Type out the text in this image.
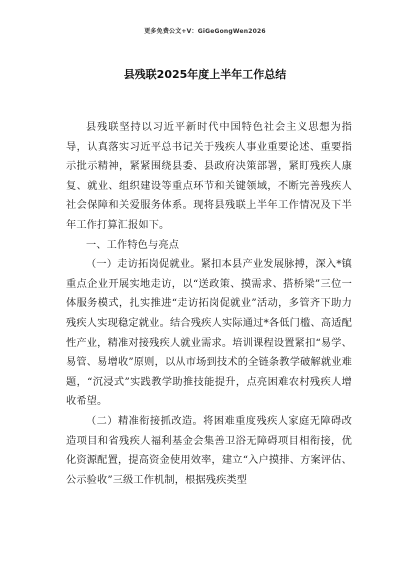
更多免费公文+V：GiGeGongWen2026
县残联2025年度上半年工作总结

县残联坚持以习近平新时代中国特色社会主义思想为指导，认真落实习近平总书记关于残疾人事业重要论述、重要指示批示精神，紧紧围绕县委、县政府决策部署，紧盯残疾人康复、就业、组织建设等重点环节和关键领域，不断完善残疾人社会保障和关爱服务体系。现将县残联上半年工作情况及下半年工作打算汇报如下。

一、工作特色与亮点

（一）走访拓岗促就业。紧扣本县产业发展脉搏，深入*镇重点企业开展实地走访，以“送政策、摸需求、搭桥梁”三位一体服务模式，扎实推进“走访拓岗促就业”活动，多管齐下助力残疾人实现稳定就业。结合残疾人实际通过*各低门槛、高适配性产业，精准对接残疾人就业需求。培训课程设置紧扣“易学、易管、易增收”原则，以从市场到技术的全链条教学破解就业难题，“沉浸式”实践教学助推技能提升，点亮困难农村残疾人增收希望。

（二）精准衔接抓改造。将困难重度残疾人家庭无障碍改造项目和省残疾人福利基金会集善卫浴无障碍项目相衔接，优化资源配置，提高资金使用效率，建立“入户摸排、方案评估、公示验收”三级工作机制，根据残疾类型
